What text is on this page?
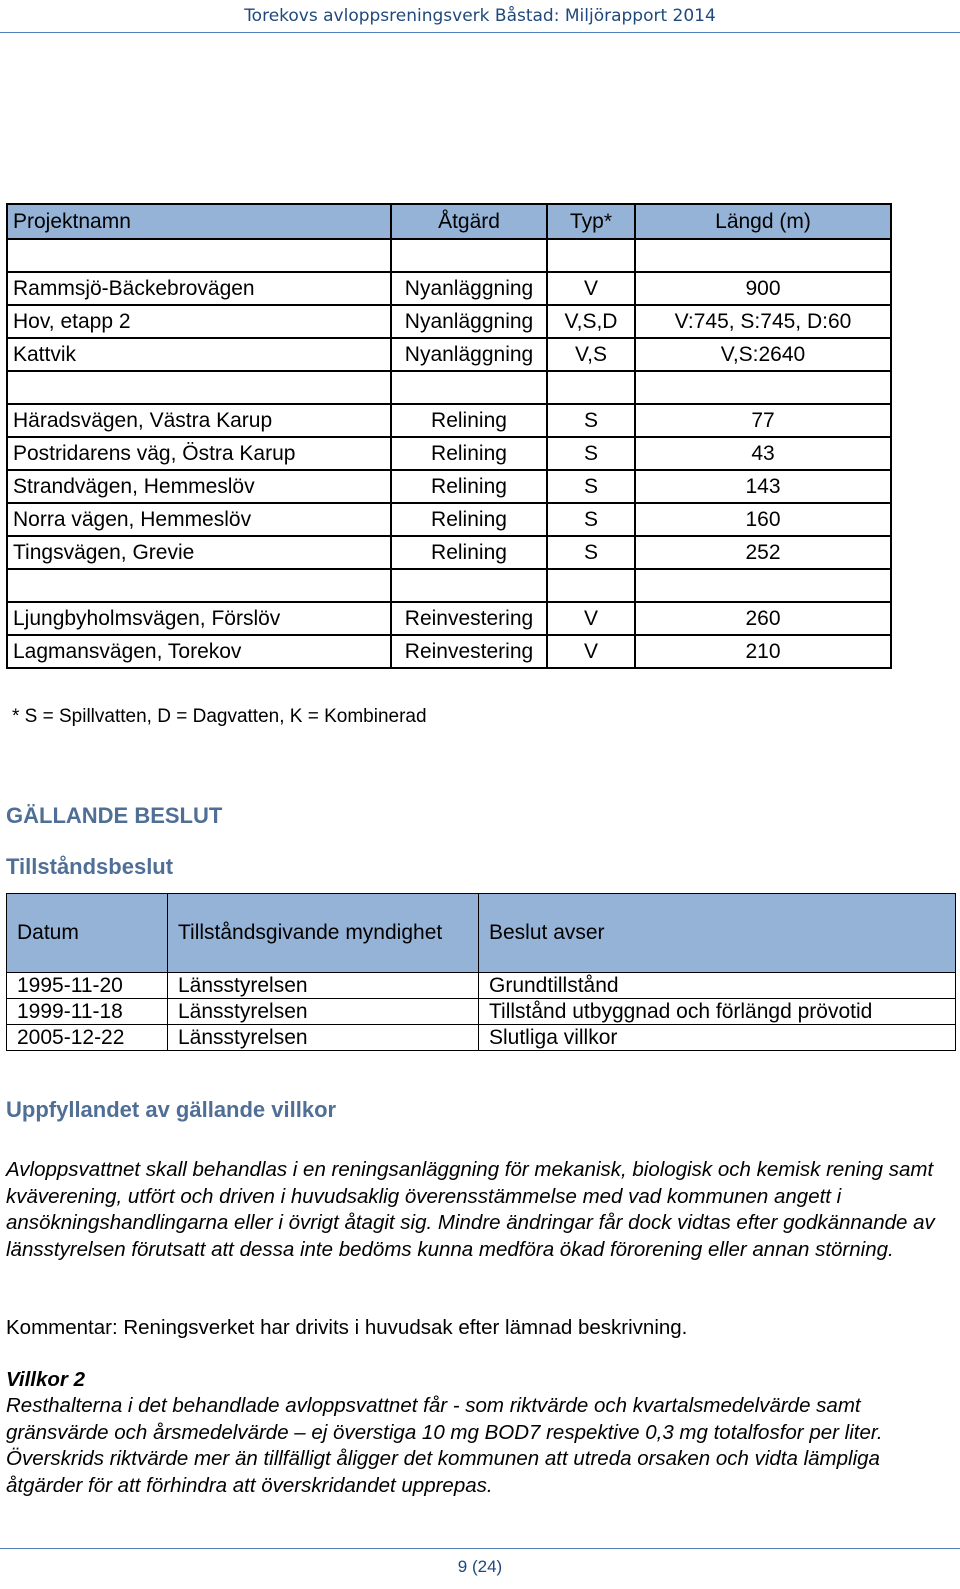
Torekovs avloppsreningsverk Båstad: Miljörapport 2014
Projektnamn	Åtgärd	Typ*	Längd (m)

Rammsjö-Bäckebrovägen	Nyanläggning	V	900
Hov, etapp 2	Nyanläggning	V,S,D	V:745, S:745, D:60
Kattvik	Nyanläggning	V,S	V,S:2640

Häradsvägen, Västra Karup	Relining	S	77
Postridarens väg, Östra Karup	Relining	S	43
Strandvägen, Hemmeslöv	Relining	S	143
Norra vägen, Hemmeslöv	Relining	S	160
Tingsvägen, Grevie	Relining	S	252

Ljungbyholmsvägen, Förslöv	Reinvestering	V	260
Lagmansvägen, Torekov	Reinvestering	V	210
* S = Spillvatten, D = Dagvatten, K = Kombinerad
GÄLLANDE BESLUT
Tillståndsbeslut
Datum	Tillståndsgivande myndighet	Beslut avser
1995-11-20	Länsstyrelsen	Grundtillstånd
1999-11-18	Länsstyrelsen	Tillstånd utbyggnad och förlängd prövotid
2005-12-22	Länsstyrelsen	Slutliga villkor
Uppfyllandet av gällande villkor
Avloppsvattnet skall behandlas i en reningsanläggning för mekanisk, biologisk och kemisk rening samt kväverening, utfört och driven i huvudsaklig överensstämmelse med vad kommunen angett i ansökningshandlingarna eller i övrigt åtagit sig. Mindre ändringar får dock vidtas efter godkännande av länsstyrelsen förutsatt att dessa inte bedöms kunna medföra ökad förorening eller annan störning.
Kommentar: Reningsverket har drivits i huvudsak efter lämnad beskrivning.
Villkor 2
Resthalterna i det behandlade avloppsvattnet får - som riktvärde och kvartalsmedelvärde samt gränsvärde och årsmedelvärde – ej överstiga 10 mg BOD7 respektive 0,3 mg totalfosfor per liter. Överskrids riktvärde mer än tillfälligt åligger det kommunen att utreda orsaken och vidta lämpliga åtgärder för att förhindra att överskridandet upprepas.
9 (24)
